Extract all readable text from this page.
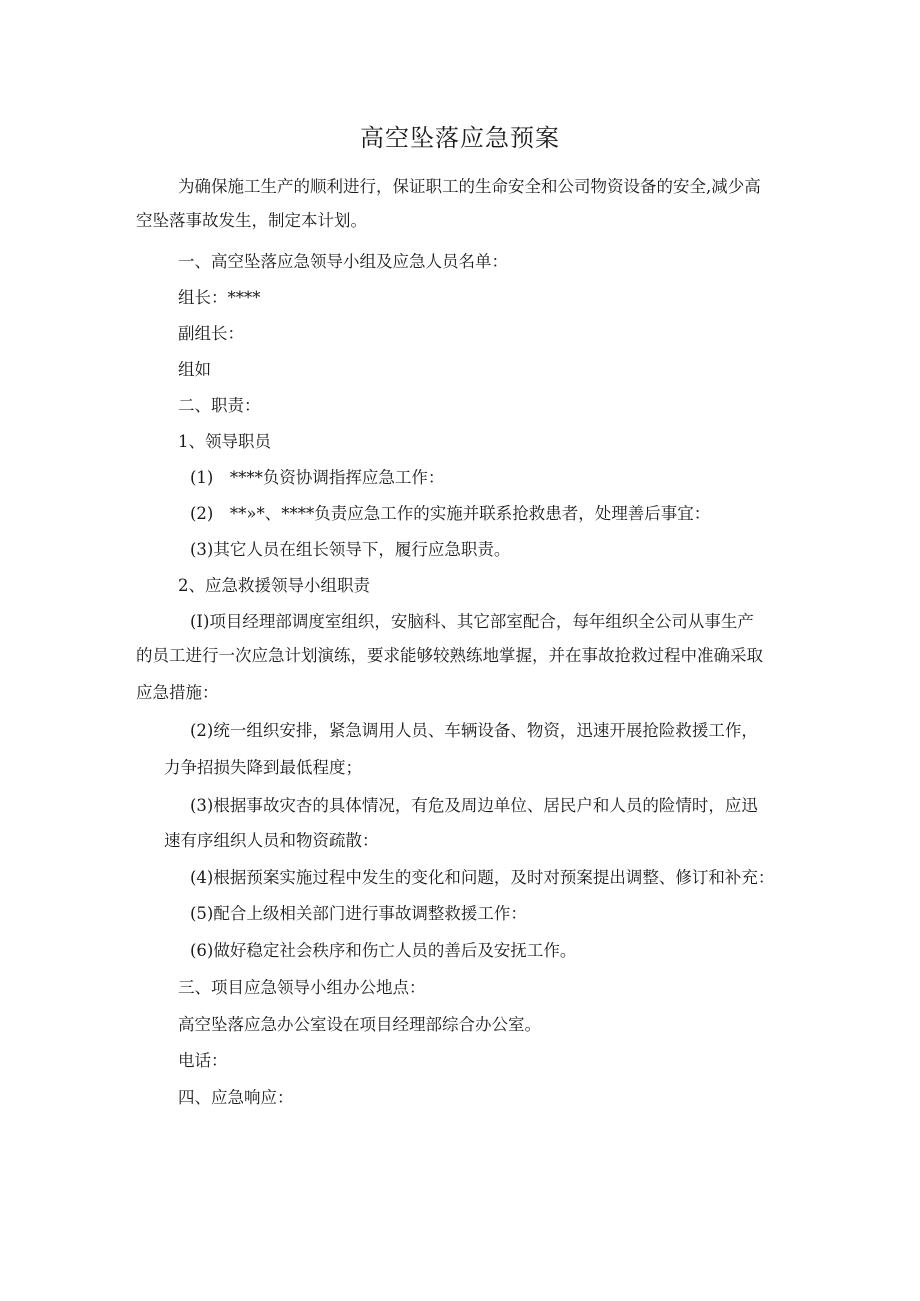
高空坠落应急预案
为确保施工生产的顺利进行，保证职工的生命安全和公司物资设备的安全,减少高
空坠落事故发生，制定本计划。
一、高空坠落应急领导小组及应急人员名单：
组长：****
副组长：
组如
二、职责：
1、领导职员
(1)　****负资协调指挥应急工作：
(2)　**»*、****负责应急工作的实施并联系抢救患者，处理善后事宜：
(3)其它人员在组长领导下，履行应急职责。
2、应急救援领导小组职责
(I)项目经理部调度室组织，安脑科、其它部室配合，每年组织全公司从事生产
的员工进行一次应急计划演练，要求能够较熟练地掌握，并在事故抢救过程中准确采取
应急措施：
(2)统一组织安排，紧急调用人员、车辆设备、物资，迅速开展抢险救援工作，
力争招损失降到最低程度；
(3)根据事故灾杏的具体情况，有危及周边单位、居民户和人员的险情时，应迅
速有序组织人员和物资疏散：
(4)根据预案实施过程中发生的变化和问题，及时对预案提出调整、修订和补充：
(5)配合上级相关部门进行事故调整救援工作：
(6)做好稳定社会秩序和伤亡人员的善后及安抚工作。
三、项目应急领导小组办公地点：
高空坠落应急办公室设在项目经理部综合办公室。
电话：
四、应急响应：
